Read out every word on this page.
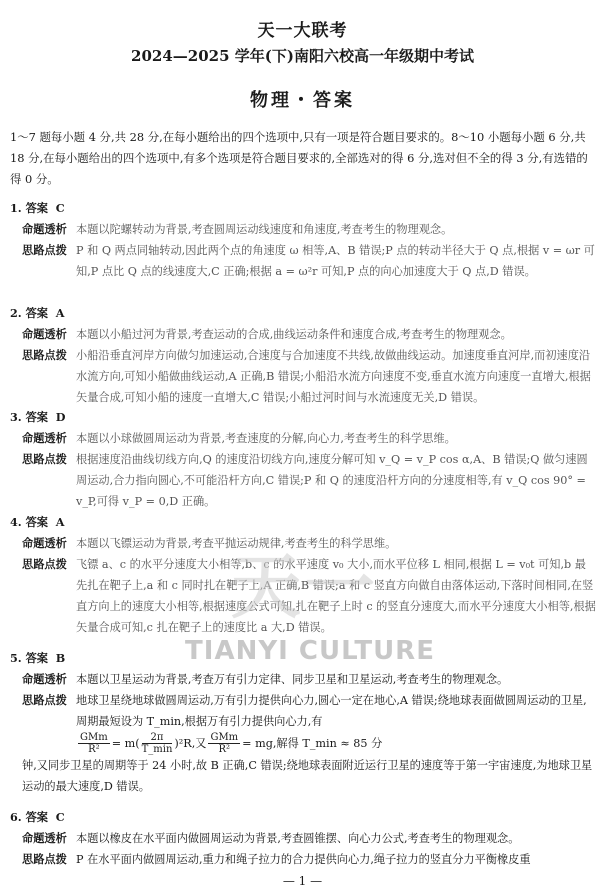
天一大联考
2024—2025 学年(下)南阳六校高一年级期中考试
物理・答案
1～7 题每小题 4 分,共 28 分,在每小题给出的四个选项中,只有一项是符合题目要求的。8～10 小题每小题 6 分,共 18 分,在每小题给出的四个选项中,有多个选项是符合题目要求的,全部选对的得 6 分,选对但不全的得 3 分,有选错的得 0 分。
1. 答案 C
命题透析 本题以陀螺转动为背景,考查圆周运动线速度和角速度,考查考生的物理观念。
思路点拨 P 和 Q 两点同轴转动,因此两个点的角速度 ω 相等,A、B 错误;P 点的转动半径大于 Q 点,根据 v = ωr 可知,P 点比 Q 点的线速度大,C 正确;根据 a = ω²r 可知,P 点的向心加速度大于 Q 点,D 错误。
2. 答案 A
命题透析 本题以小船过河为背景,考查运动的合成,曲线运动条件和速度合成,考查考生的物理观念。
思路点拨 小船沿垂直河岸方向做匀加速运动,合速度与合加速度不共线,故做曲线运动。加速度垂直河岸,而初速度沿水流方向,可知小船做曲线运动,A 正确,B 错误;小船沿水流方向速度不变,垂直水流方向速度一直增大,根据矢量合成,可知小船的速度一直增大,C 错误;小船过河时间与水流速度无关,D 错误。
3. 答案 D
命题透析 本题以小球做圆周运动为背景,考查速度的分解,向心力,考查考生的科学思维。
思路点拨 根据速度沿曲线切线方向,Q 的速度沿切线方向,速度分解可知 v_Q = v_P cos α,A、B 错误;Q 做匀速圆周运动,合力指向圆心,不可能沿杆方向,C 错误;P 和 Q 的速度沿杆方向的分速度相等,有 v_Q cos 90° = v_P,可得 v_P = 0,D 正确。
4. 答案 A
命题透析 本题以飞镖运动为背景,考查平抛运动规律,考查考生的科学思维。
思路点拨 飞镖 a、c 的水平分速度大小相等,b、c 的水平速度 v₀ 大小,而水平位移 L 相同,根据 L = v₀t 可知,b 最先扎在靶子上,a 和 c 同时扎在靶子上,A 正确,B 错误;a 和 c 竖直方向做自由落体运动,下落时间相同,在竖直方向上的速度大小相等,根据速度公式可知,扎在靶子上时 c 的竖直分速度大,而水平分速度大小相等,根据矢量合成可知,c 扎在靶子上的速度比 a 大,D 错误。
5. 答案 B
命题透析 本题以卫星运动为背景,考查万有引力定律、同步卫星和卫星运动,考查考生的物理观念。
思路点拨 地球卫星绕地球做圆周运动,万有引力提供向心力,圆心一定在地心,A 错误;绕地球表面做圆周运动的卫星,周期最短设为 T_min,根据万有引力提供向心力,有
$\frac{\text{GMm}}{\text{R²}} = m( \frac{2\pi}{T\_\min} )^2R$,又 $\frac{\text{GMm}}{\text{R²}}$ = mg,解得 T_min ≈ 85 分
钟,又同步卫星的周期等于 24 小时,故 B 正确,C 错误;绕地球表面附近运行卫星的速度等于第一宇宙速度,为地球卫星运动的最大速度,D 错误。
6. 答案 C
命题透析 本题以橡皮在水平面内做圆周运动为背景,考查圆锥摆、向心力公式,考查考生的物理观念。
思路点拨 P 在水平面内做圆周运动,重力和绳子拉力的合力提供向心力,绳子拉力的竖直分力平衡橡皮重
天一
TIANYI CULTURE
— 1 —
